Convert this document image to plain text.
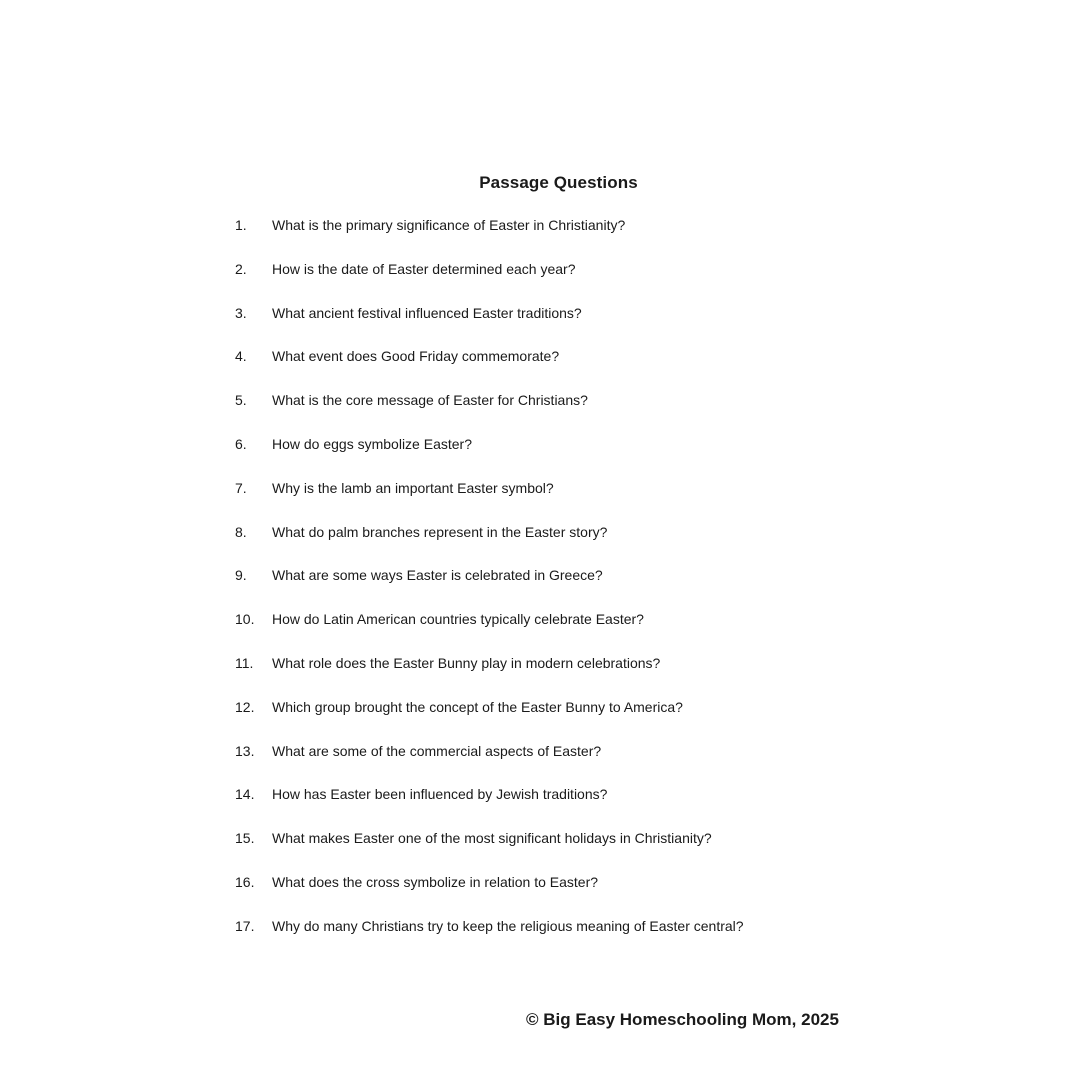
Passage Questions
1.	What is the primary significance of Easter in Christianity?
2.	How is the date of Easter determined each year?
3.	What ancient festival influenced Easter traditions?
4.	What event does Good Friday commemorate?
5.	What is the core message of Easter for Christians?
6.	How do eggs symbolize Easter?
7.	Why is the lamb an important Easter symbol?
8.	What do palm branches represent in the Easter story?
9.	What are some ways Easter is celebrated in Greece?
10.	How do Latin American countries typically celebrate Easter?
11.	What role does the Easter Bunny play in modern celebrations?
12.	Which group brought the concept of the Easter Bunny to America?
13.	What are some of the commercial aspects of Easter?
14.	How has Easter been influenced by Jewish traditions?
15.	What makes Easter one of the most significant holidays in Christianity?
16.	What does the cross symbolize in relation to Easter?
17.	Why do many Christians try to keep the religious meaning of Easter central?
© Big Easy Homeschooling Mom, 2025
